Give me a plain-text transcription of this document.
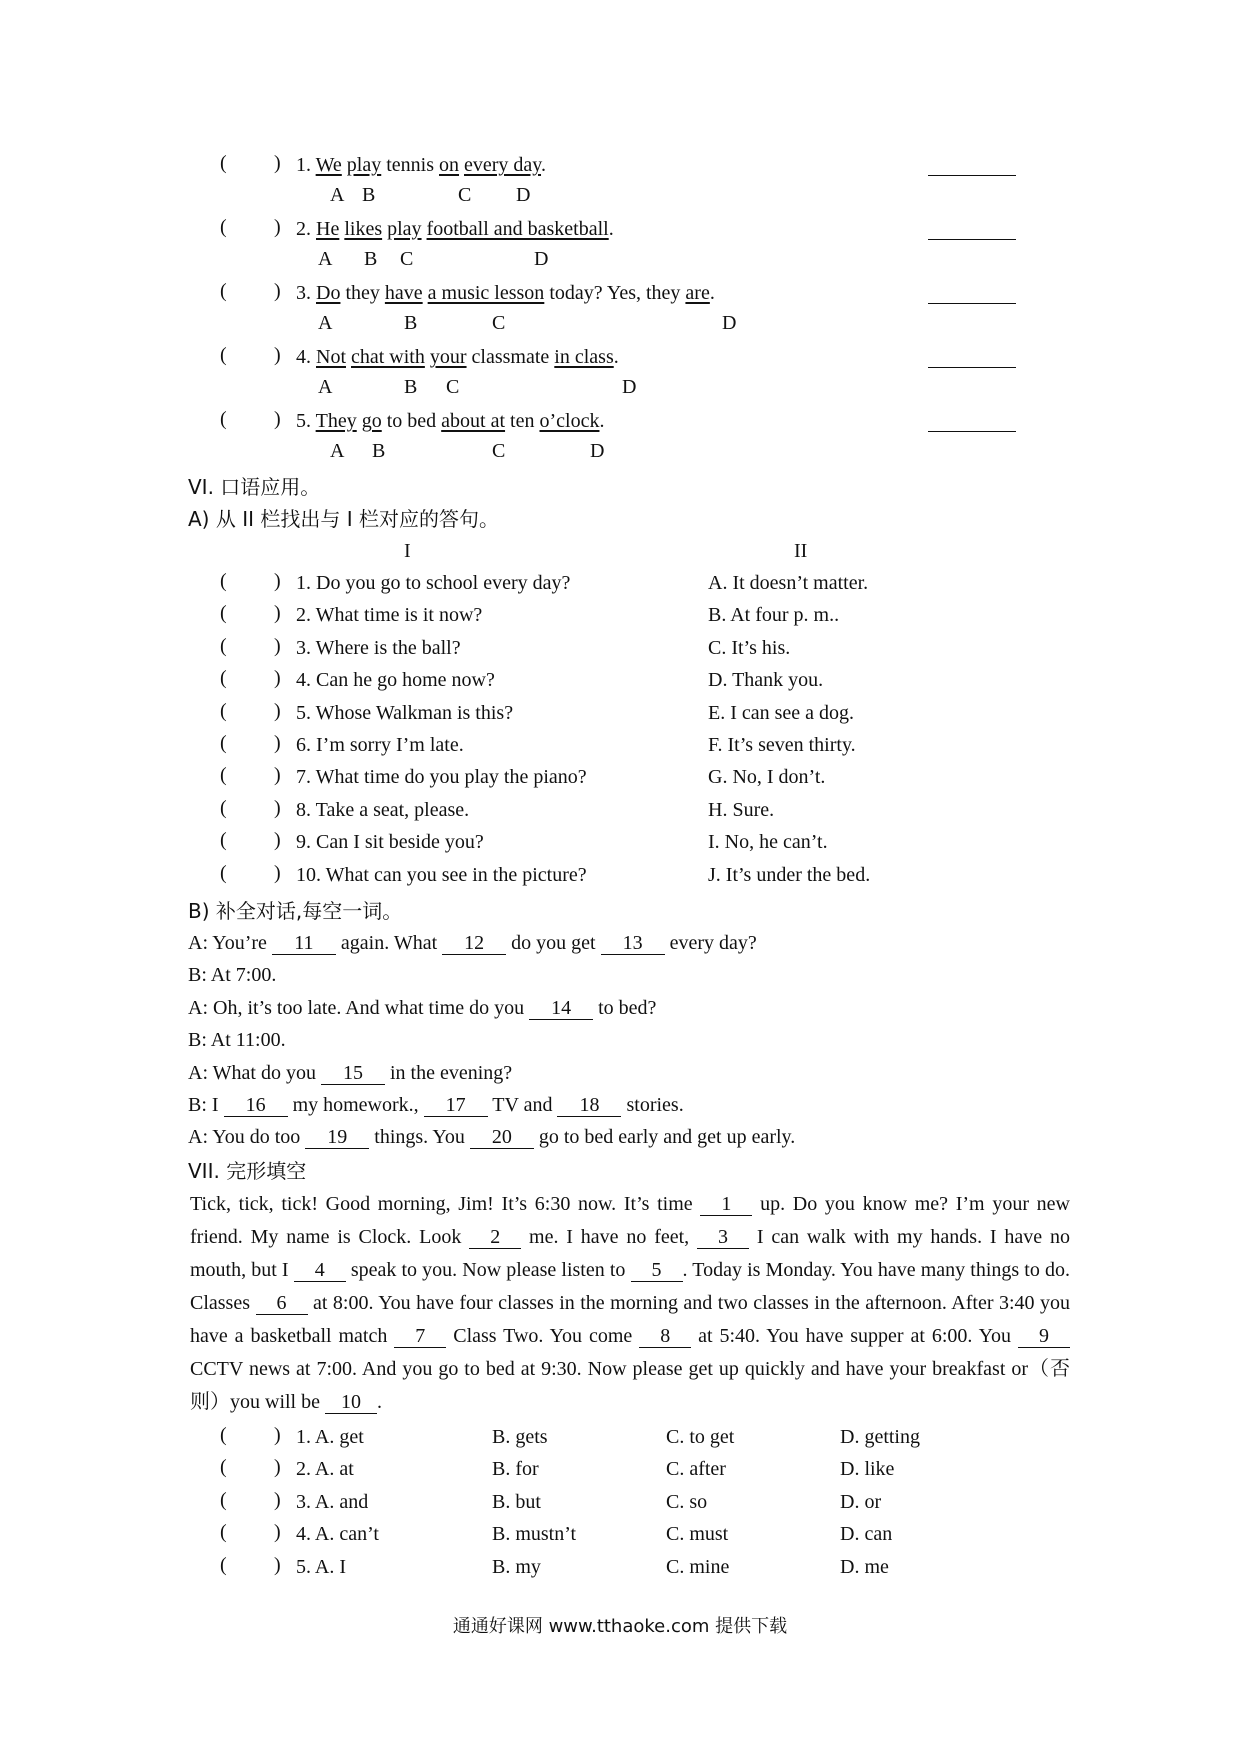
( ) 1. We play tennis on every day.
A B	C D
( ) 2. He likes play football and basketball.
A B C	D
( ) 3. Do they have a music lesson today? Yes, they are.
A	B	C	D
( ) 4. Not chat with your classmate in class.
A	B C	D
( ) 5. They go to bed about at ten o’clock.
A B	C	D
VI. 口语应用。
A) 从 II 栏找出与 I 栏对应的答句。
I	II
( ) 1. Do you go to school every day?	A. It doesn’t matter.
( ) 2. What time is it now?	B. At four p. m..
( ) 3. Where is the ball?	C. It’s his.
( ) 4. Can he go home now?	D. Thank you.
( ) 5. Whose Walkman is this?	E. I can see a dog.
( ) 6. I’m sorry I’m late.	F. It’s seven thirty.
( ) 7. What time do you play the piano?	G. No, I don’t.
( ) 8. Take a seat, please.	H. Sure.
( ) 9. Can I sit beside you?	I. No, he can’t.
( ) 10. What can you see in the picture?	J. It’s under the bed.
B) 补全对话,每空一词。
A: You’re 11 again. What 12 do you get 13 every day?
B: At 7:00.
A: Oh, it’s too late. And what time do you 14 to bed?
B: At 11:00.
A: What do you 15 in the evening?
B: I 16 my homework., 17 TV and 18 stories.
A: You do too 19 things. You 20 go to bed early and get up early.
VII. 完形填空
Tick, tick, tick! Good morning, Jim! It’s 6:30 now. It’s time 1 up. Do you know me? I’m your new friend. My name is Clock. Look 2 me. I have no feet, 3 I can walk with my hands. I have no mouth, but I 4 speak to you. Now please listen to 5 . Today is Monday. You have many things to do. Classes 6 at 8:00. You have four classes in the morning and two classes in the afternoon. After 3:40 you have a basketball match 7 Class Two. You come 8 at 5:40. You have supper at 6:00. You 9 CCTV news at 7:00. And you go to bed at 9:30. Now please get up quickly and have your breakfast or（否则）you will be 10 .
( ) 1. A. get	B. gets	C. to get	D. getting
( ) 2. A. at	B. for	C. after	D. like
( ) 3. A. and	B. but	C. so	D. or
( ) 4. A. can’t	B. mustn’t	C. must	D. can
( ) 5. A. I	B. my	C. mine	D. me
通通好课网 www.tthaoke.com 提供下载
